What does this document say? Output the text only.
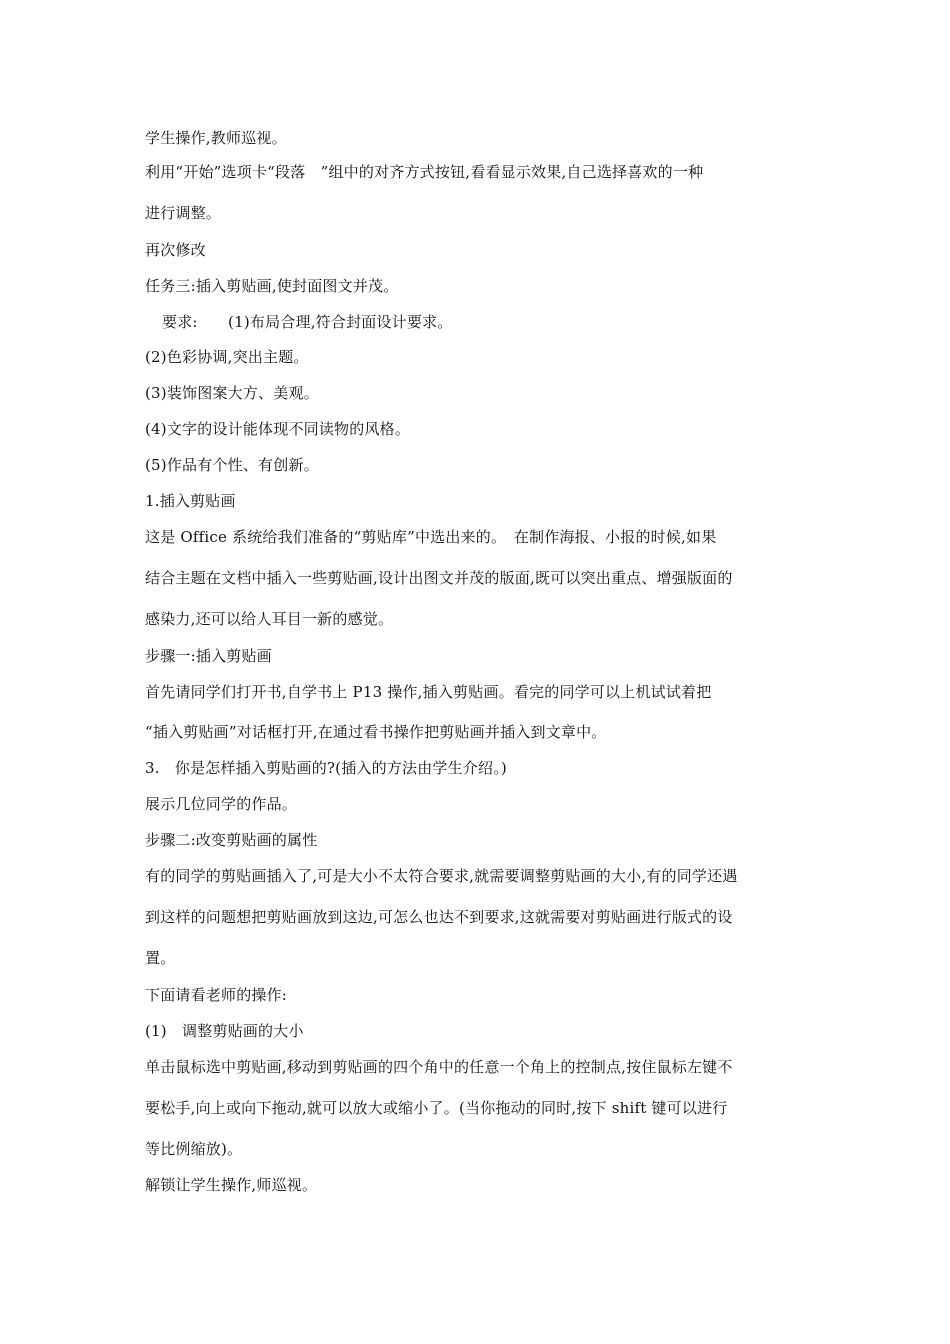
学生操作,教师巡视。
利用“开始”选项卡“段落　”组中的对齐方式按钮,看看显示效果,自己选择喜欢的一种
进行调整。
再次修改
任务三:插入剪贴画,使封面图文并茂。
要求:　　(1)布局合理,符合封面设计要求。
(2)色彩协调,突出主题。
(3)装饰图案大方、美观。
(4)文字的设计能体现不同读物的风格。
(5)作品有个性、有创新。
1.插入剪贴画
这是 Office 系统给我们准备的“剪贴库”中选出来的。　在制作海报、小报的时候,如果
结合主题在文档中插入一些剪贴画,设计出图文并茂的版面,既可以突出重点、增强版面的
感染力,还可以给人耳目一新的感觉。
步骤一:插入剪贴画
首先请同学们打开书,自学书上 P13 操作,插入剪贴画。看完的同学可以上机试试着把
“插入剪贴画”对话框打开,在通过看书操作把剪贴画并插入到文章中。
3.　你是怎样插入剪贴画的?(插入的方法由学生介绍。)
展示几位同学的作品。
步骤二:改变剪贴画的属性
有的同学的剪贴画插入了,可是大小不太符合要求,就需要调整剪贴画的大小,有的同学还遇
到这样的问题想把剪贴画放到这边,可怎么也达不到要求,这就需要对剪贴画进行版式的设
置。
下面请看老师的操作:
(1)　调整剪贴画的大小
单击鼠标选中剪贴画,移动到剪贴画的四个角中的任意一个角上的控制点,按住鼠标左键不
要松手,向上或向下拖动,就可以放大或缩小了。(当你拖动的同时,按下 shift 键可以进行
等比例缩放)。
解锁让学生操作,师巡视。
